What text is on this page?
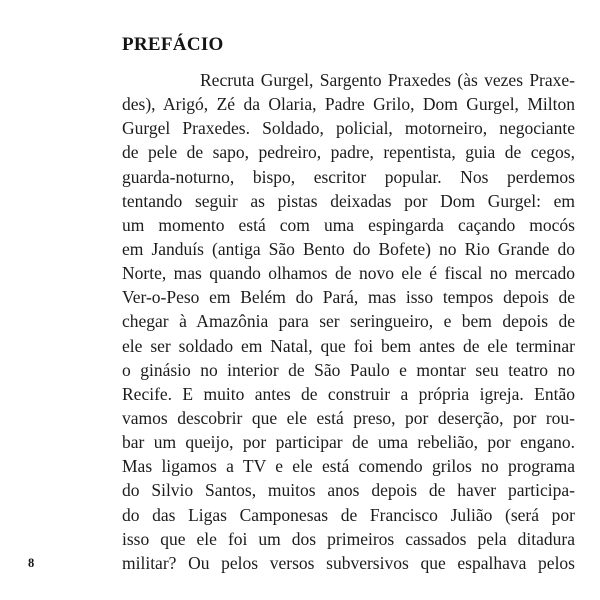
PREFÁCIO
Recruta Gurgel, Sargento Praxedes (às vezes Praxe-
des), Arigó, Zé da Olaria, Padre Grilo, Dom Gurgel, Milton
Gurgel Praxedes. Soldado, policial, motorneiro, negociante
de pele de sapo, pedreiro, padre, repentista, guia de cegos,
guarda-noturno, bispo, escritor popular. Nos perdemos
tentando seguir as pistas deixadas por Dom Gurgel: em
um momento está com uma espingarda caçando mocós
em Janduís (antiga São Bento do Bofete) no Rio Grande do
Norte, mas quando olhamos de novo ele é fiscal no mercado
Ver-o-Peso em Belém do Pará, mas isso tempos depois de
chegar à Amazônia para ser seringueiro, e bem depois de
ele ser soldado em Natal, que foi bem antes de ele terminar
o ginásio no interior de São Paulo e montar seu teatro no
Recife. E muito antes de construir a própria igreja. Então
vamos descobrir que ele está preso, por deserção, por rou-
bar um queijo, por participar de uma rebelião, por engano.
Mas ligamos a TV e ele está comendo grilos no programa
do Silvio Santos, muitos anos depois de haver participa-
do das Ligas Camponesas de Francisco Julião (será por
isso que ele foi um dos primeiros cassados pela ditadura
militar? Ou pelos versos subversivos que espalhava pelos
8
